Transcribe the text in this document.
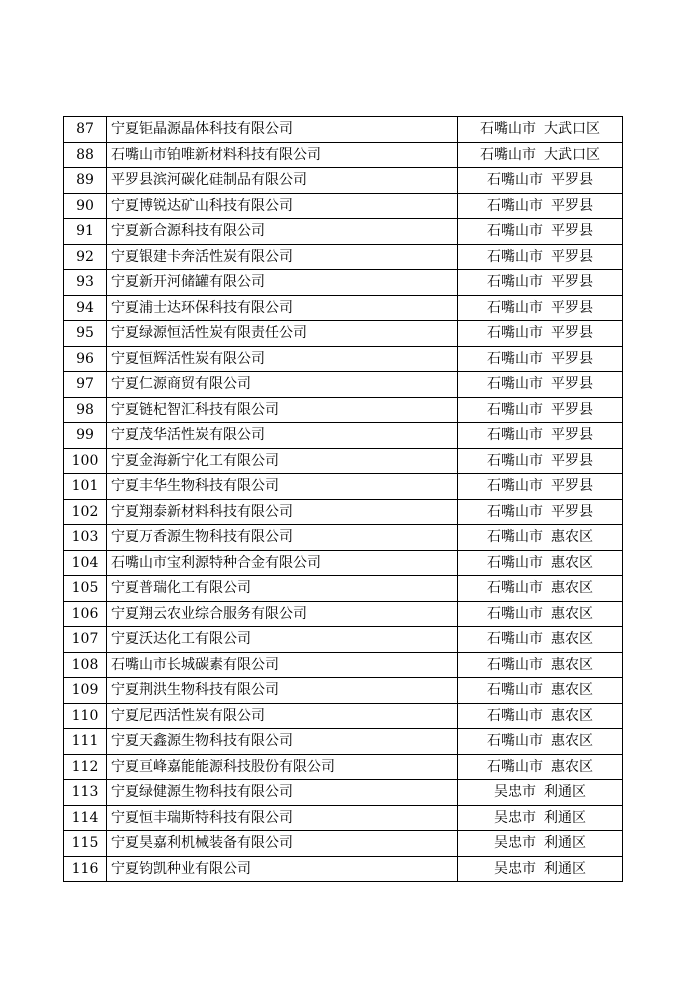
87	宁夏钜晶源晶体科技有限公司	石嘴山市 大武口区
88	石嘴山市铂唯新材料科技有限公司	石嘴山市 大武口区
89	平罗县滨河碳化硅制品有限公司	石嘴山市 平罗县
90	宁夏博锐达矿山科技有限公司	石嘴山市 平罗县
91	宁夏新合源科技有限公司	石嘴山市 平罗县
92	宁夏银建卡奔活性炭有限公司	石嘴山市 平罗县
93	宁夏新开河储罐有限公司	石嘴山市 平罗县
94	宁夏浦士达环保科技有限公司	石嘴山市 平罗县
95	宁夏绿源恒活性炭有限责任公司	石嘴山市 平罗县
96	宁夏恒辉活性炭有限公司	石嘴山市 平罗县
97	宁夏仁源商贸有限公司	石嘴山市 平罗县
98	宁夏链杞智汇科技有限公司	石嘴山市 平罗县
99	宁夏茂华活性炭有限公司	石嘴山市 平罗县
100	宁夏金海新宁化工有限公司	石嘴山市 平罗县
101	宁夏丰华生物科技有限公司	石嘴山市 平罗县
102	宁夏翔泰新材料科技有限公司	石嘴山市 平罗县
103	宁夏万香源生物科技有限公司	石嘴山市 惠农区
104	石嘴山市宝利源特种合金有限公司	石嘴山市 惠农区
105	宁夏普瑞化工有限公司	石嘴山市 惠农区
106	宁夏翔云农业综合服务有限公司	石嘴山市 惠农区
107	宁夏沃达化工有限公司	石嘴山市 惠农区
108	石嘴山市长城碳素有限公司	石嘴山市 惠农区
109	宁夏荆洪生物科技有限公司	石嘴山市 惠农区
110	宁夏尼西活性炭有限公司	石嘴山市 惠农区
111	宁夏天鑫源生物科技有限公司	石嘴山市 惠农区
112	宁夏亘峰嘉能能源科技股份有限公司	石嘴山市 惠农区
113	宁夏绿健源生物科技有限公司	吴忠市 利通区
114	宁夏恒丰瑞斯特科技有限公司	吴忠市 利通区
115	宁夏昊嘉利机械装备有限公司	吴忠市 利通区
116	宁夏钧凯种业有限公司	吴忠市 利通区
